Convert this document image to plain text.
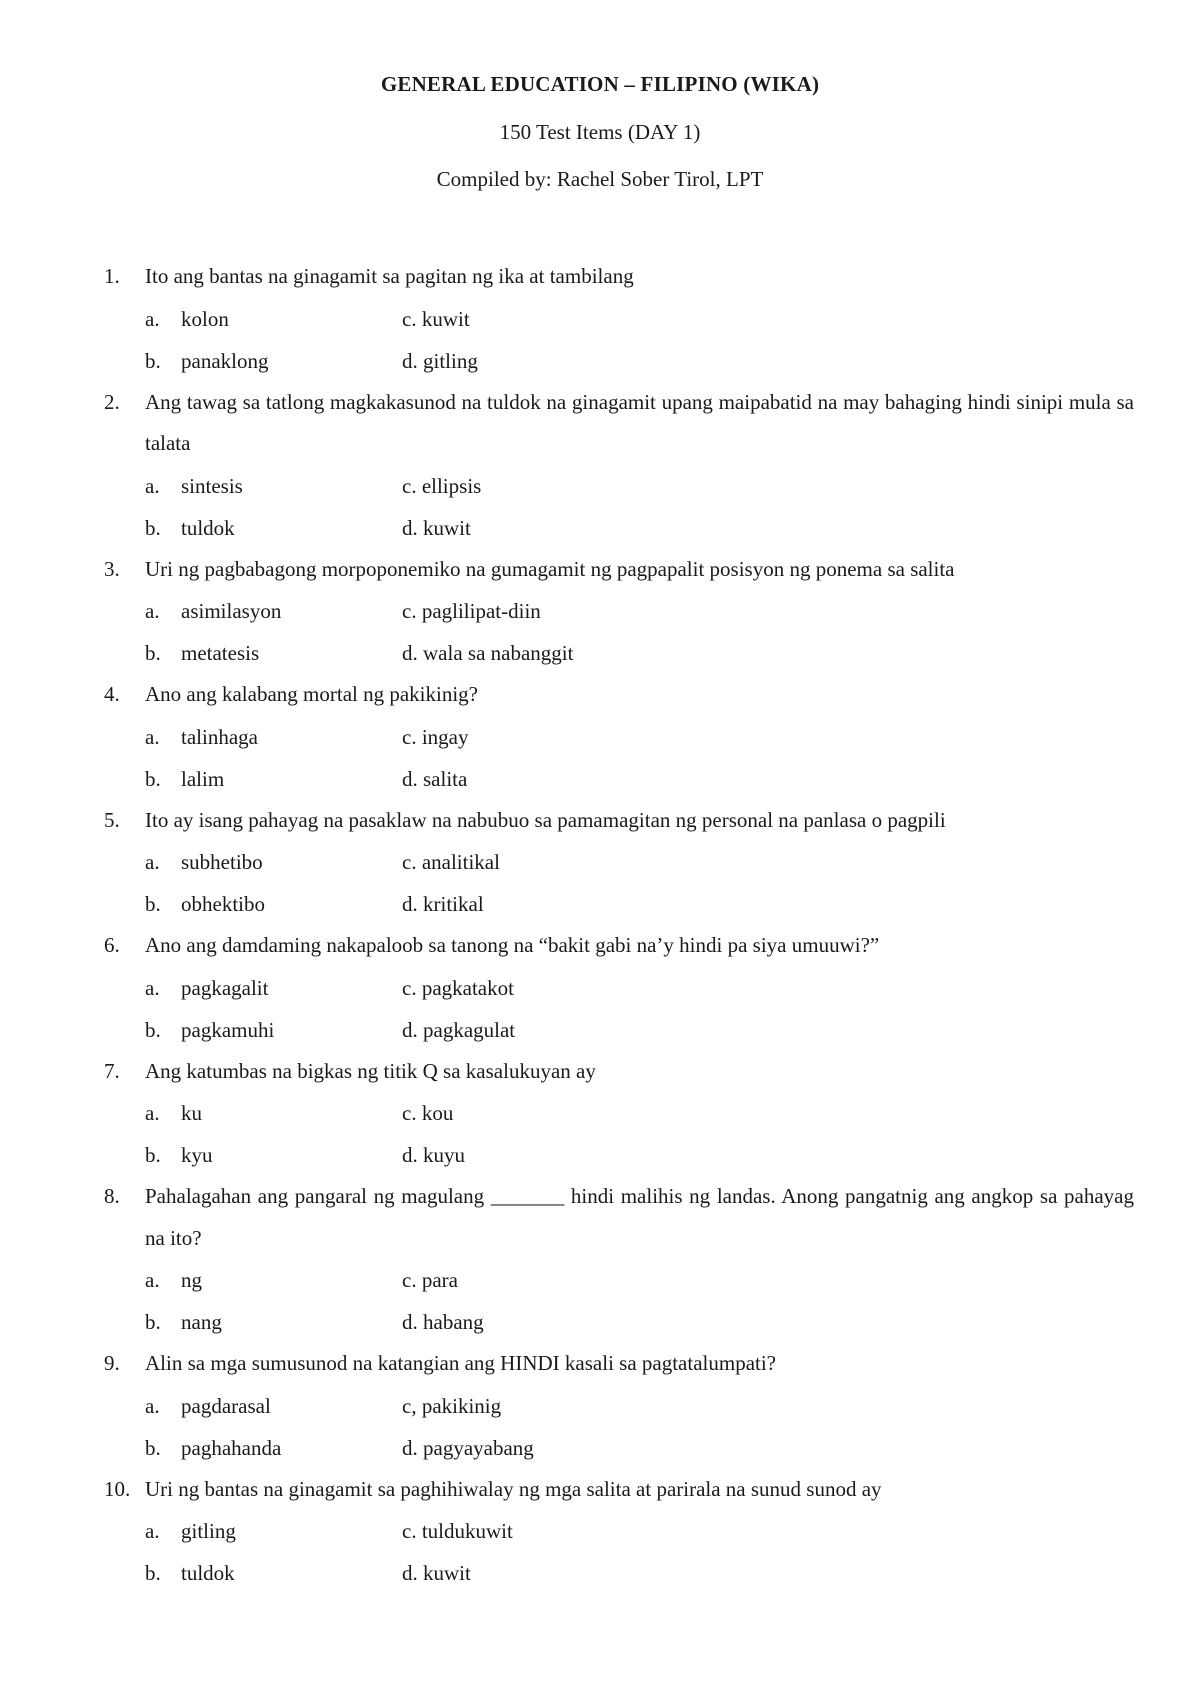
GENERAL EDUCATION – FILIPINO (WIKA)
150 Test Items (DAY 1)
Compiled by: Rachel Sober Tirol, LPT
1.	Ito ang bantas na ginagamit sa pagitan ng ika at tambilang
a.	kolon	c. kuwit
b. panaklong	d. gitling
2.	Ang tawag sa tatlong magkakasunod na tuldok na ginagamit upang maipabatid na may bahaging hindi sinipi mula sa talata
a.	sintesis	c. ellipsis
b. tuldok	d. kuwit
3.	Uri ng pagbabagong morpoponemiko na gumagamit ng pagpapalit posisyon ng ponema sa salita
a.	asimilasyon	c. paglilipat-diin
b. metatesis	d. wala sa nabanggit
4.	Ano ang kalabang mortal ng pakikinig?
a.	talinhaga	c. ingay
b. lalim	d. salita
5.	Ito ay isang pahayag na pasaklaw na nabubuo sa pamamagitan ng personal na panlasa o pagpili
a.	subhetibo	c. analitikal
b. obhektibo	d. kritikal
6.	Ano ang damdaming nakapaloob sa tanong na “bakit gabi na’y hindi pa siya umuuwi?”
a.	pagkagalit	c. pagkatakot
b. pagkamuhi	d. pagkagulat
7.	Ang katumbas na bigkas ng titik Q sa kasalukuyan ay
a.	ku	c. kou
b. kyu	d. kuyu
8.	Pahalagahan ang pangaral ng magulang _______ hindi malihis ng landas. Anong pangatnig ang angkop sa pahayag na ito?
a.	ng	c. para
b. nang	d. habang
9.	Alin sa mga sumusunod na katangian ang HINDI kasali sa pagtatalumpati?
a.	pagdarasal	c, pakikinig
b. paghahanda	d. pagyayabang
10. Uri ng bantas na ginagamit sa paghihiwalay ng mga salita at parirala na sunud sunod ay
a.	gitling	c. tuldukuwit
b. tuldok	d. kuwit
